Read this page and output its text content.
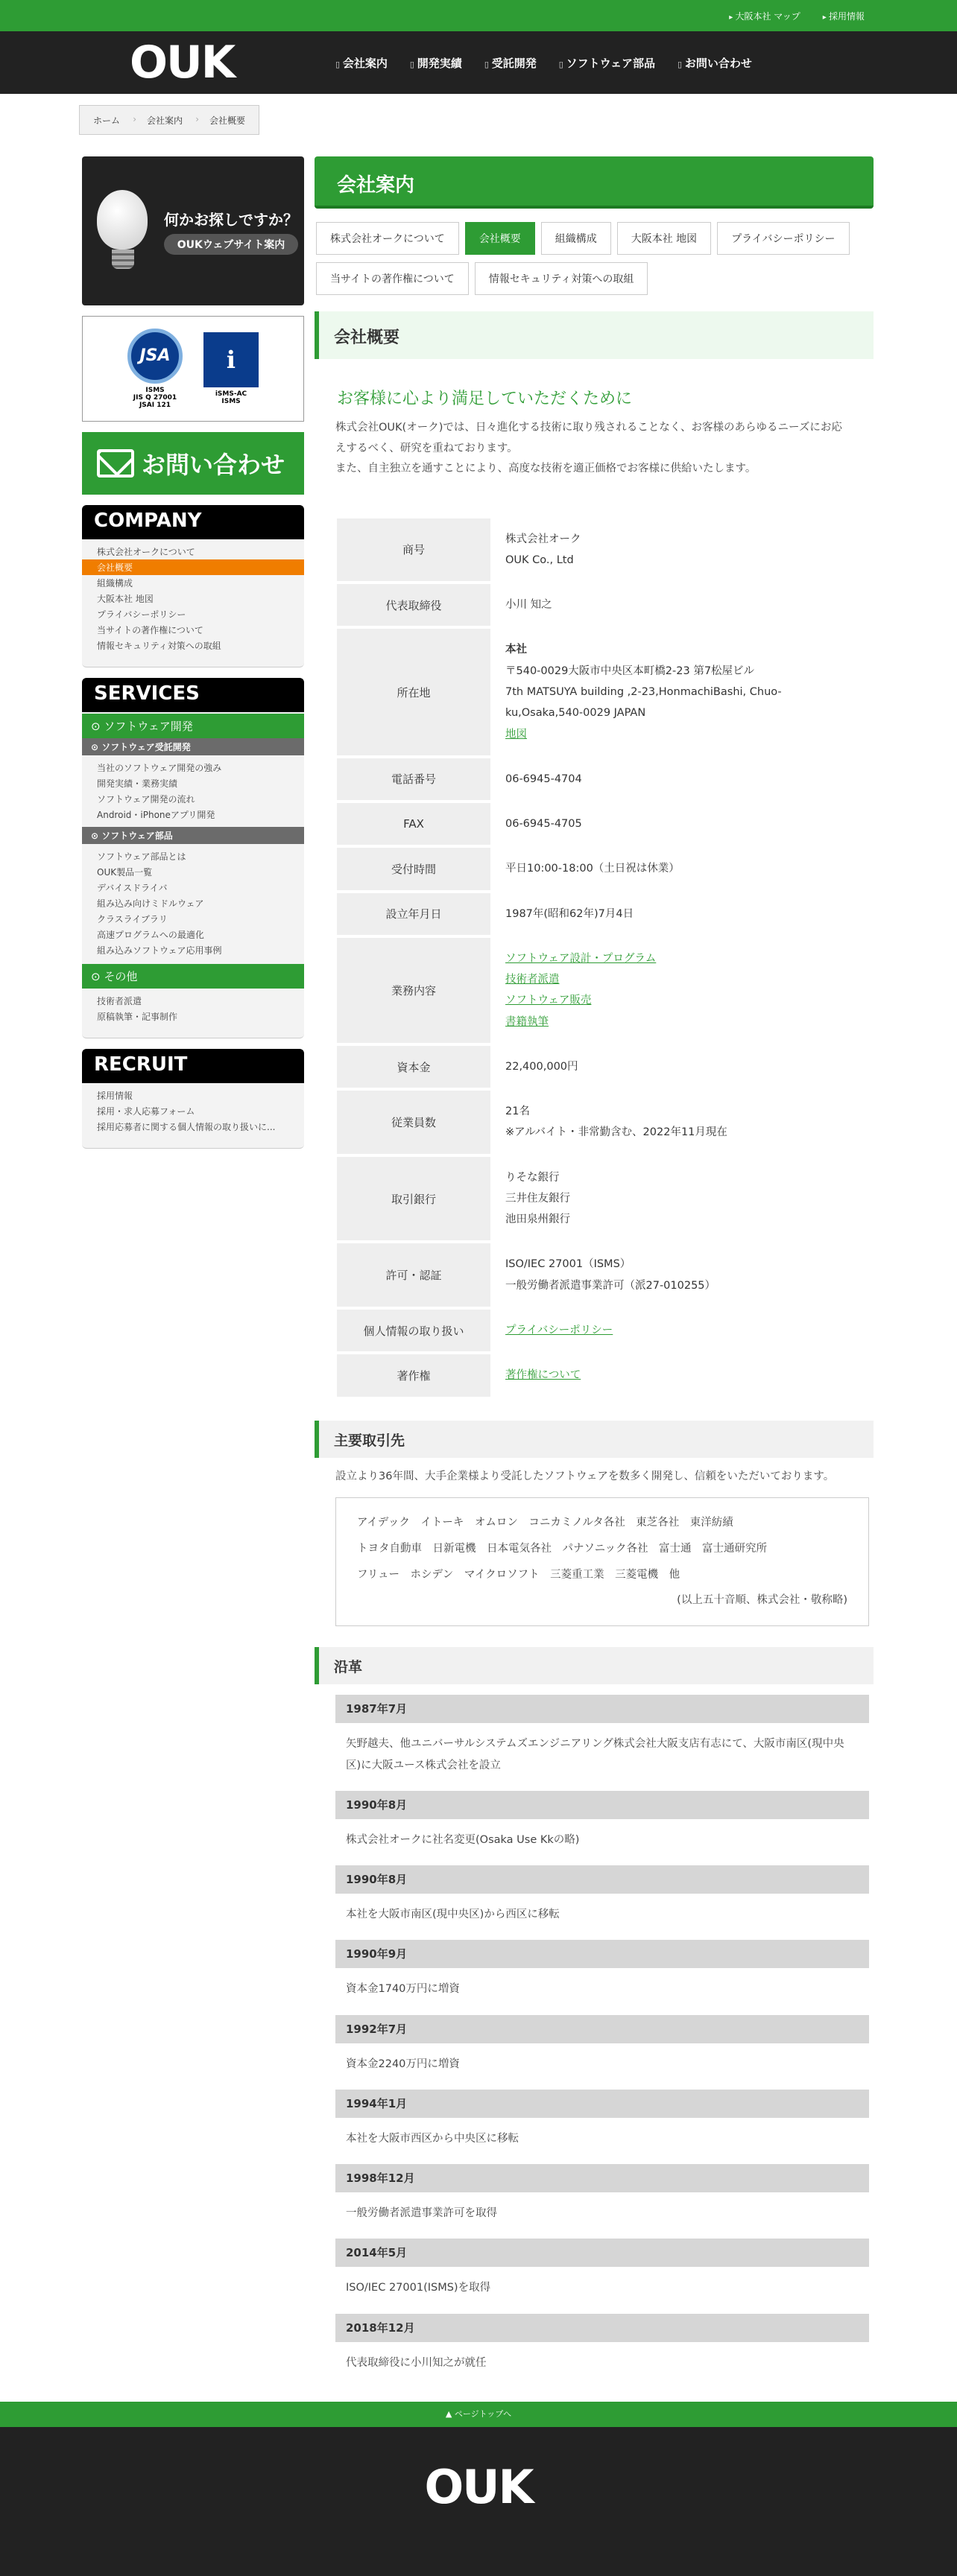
▸ 大阪本社 マップ	▸ 採用情報
OUK	▯ 会社案内	▯ 開発実績	▯ 受託開発	▯ ソフトウェア部品	▯ お問い合わせ
ホーム ›	会社案内 ›	会社概要
何かお探しですか？
OUKウェブサイト案内
JSA
ISMS
JIS Q 27001
JSAI 121
ℹ
iSMS-AC
ISMS
お問い合わせ
COMPANY
株式会社オークについて
会社概要
組織構成
大阪本社 地図
プライバシーポリシー
当サイトの著作権について
情報セキュリティ対策への取組
SERVICES
⊙ ソフトウェア開発
⊙ ソフトウェア受託開発
当社のソフトウェア開発の強み
開発実績・業務実績
ソフトウェア開発の流れ
Android・iPhoneアプリ開発
⊙ ソフトウェア部品
ソフトウェア部品とは
OUK製品一覧
デバイスドライバ
組み込み向けミドルウェア
クラスライブラリ
高速プログラムへの最適化
組み込みソフトウェア応用事例
⊙ その他
技術者派遣
原稿執筆・記事制作
RECRUIT
採用情報
採用・求人応募フォーム
採用応募者に関する個人情報の取り扱いに...
会社案内
株式会社オークについて	会社概要	組織構成	大阪本社 地図	プライバシーポリシー
当サイトの著作権について	情報セキュリティ対策への取組
会社概要
お客様に心より満足していただくために

株式会社OUK(オーク)では、日々進化する技術に取り残されることなく、お客様のあらゆるニーズにお応えするべく、研究を重ねております。
また、自主独立を通すことにより、高度な技術を適正価格でお客様に供給いたします。

商号	株式会社オーク
OUK Co., Ltd

代表取締役	小川 知之

所在地	本社
〒540-0029大阪市中央区本町橋2-23 第7松屋ビル
7th MATSUYA building ,2-23,HonmachiBashi, Chuo-
ku,Osaka,540-0029 JAPAN
地図

電話番号	06-6945-4704

FAX	06-6945-4705

受付時間	平日10:00-18:00（土日祝は休業）

設立年月日	1987年(昭和62年)7月4日

業務内容	ソフトウェア設計・プログラム
技術者派遣
ソフトウェア販売
書籍執筆

資本金	22,400,000円

従業員数	21名
※アルバイト・非常勤含む、2022年11月現在

取引銀行	りそな銀行
三井住友銀行
池田泉州銀行

許可・認証	ISO/IEC 27001（ISMS）
一般労働者派遣事業許可（派27-010255）

個人情報の取り扱い	プライバシーポリシー

著作権	著作権について
主要取引先

設立より36年間、大手企業様より受託したソフトウェアを数多く開発し、信頼をいただいております。

アイデック　イトーキ　オムロン　コニカミノルタ各社　東芝各社　東洋紡績
トヨタ自動車　日新電機　日本電気各社　パナソニック各社　富士通　富士通研究所
フリュー　ホシデン　マイクロソフト　三菱重工業　三菱電機　他
(以上五十音順、株式会社・敬称略)
沿革
1987年7月
矢野越夫、他ユニバーサルシステムズエンジニアリング株式会社大阪支店有志にて、大阪市南区(現中央区)に大阪ユース株式会社を設立
1990年8月
株式会社オークに社名変更(Osaka Use Kkの略)
1990年8月
本社を大阪市南区(現中央区)から西区に移転
1990年9月
資本金1740万円に増資
1992年7月
資本金2240万円に増資
1994年1月
本社を大阪市西区から中央区に移転
1998年12月
一般労働者派遣事業許可を取得
2014年5月
ISO/IEC 27001(ISMS)を取得
2018年12月
代表取締役に小川知之が就任
▲ ページトップへ
OUK
